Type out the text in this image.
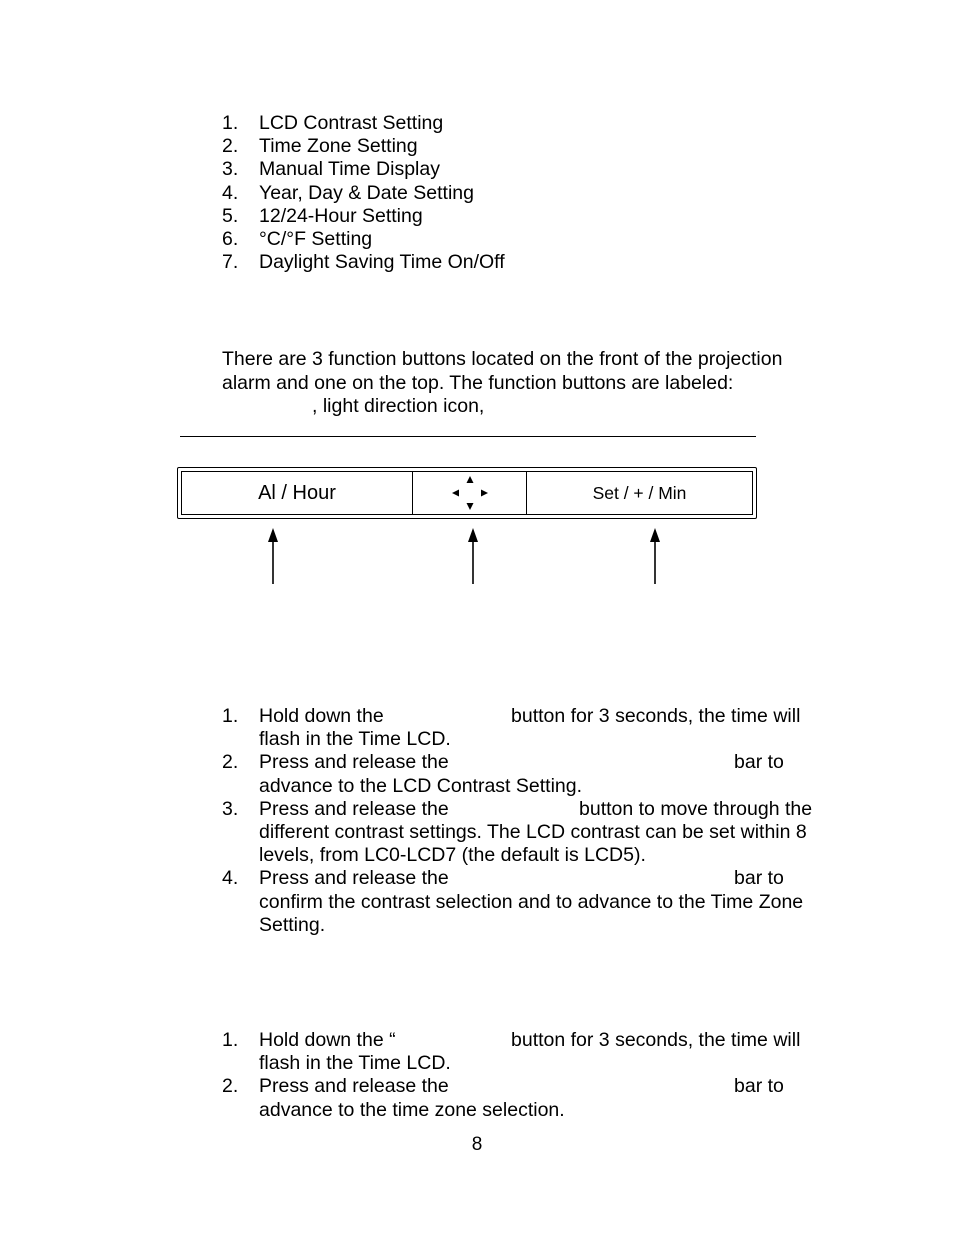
1. LCD Contrast Setting
2. Time Zone Setting
3. Manual Time Display
4. Year, Day & Date Setting
5. 12/24-Hour Setting
6. °C/°F Setting
7. Daylight Saving Time On/Off
There are 3 function buttons located on the front of the projection
alarm and one on the top. The function buttons are labeled:
, light direction icon,
Al / Hour	Set / + / Min
1. Hold down the	button for 3 seconds, the time will
flash in the Time LCD.
2. Press and release the	bar to
advance to the LCD Contrast Setting.
3. Press and release the	button to move through the
different contrast settings. The LCD contrast can be set within 8
levels, from LC0-LCD7 (the default is LCD5).
4. Press and release the	bar to
confirm the contrast selection and to advance to the Time Zone
Setting.
1. Hold down the “	button for 3 seconds, the time will
flash in the Time LCD.
2. Press and release the	bar to
advance to the time zone selection.
8
